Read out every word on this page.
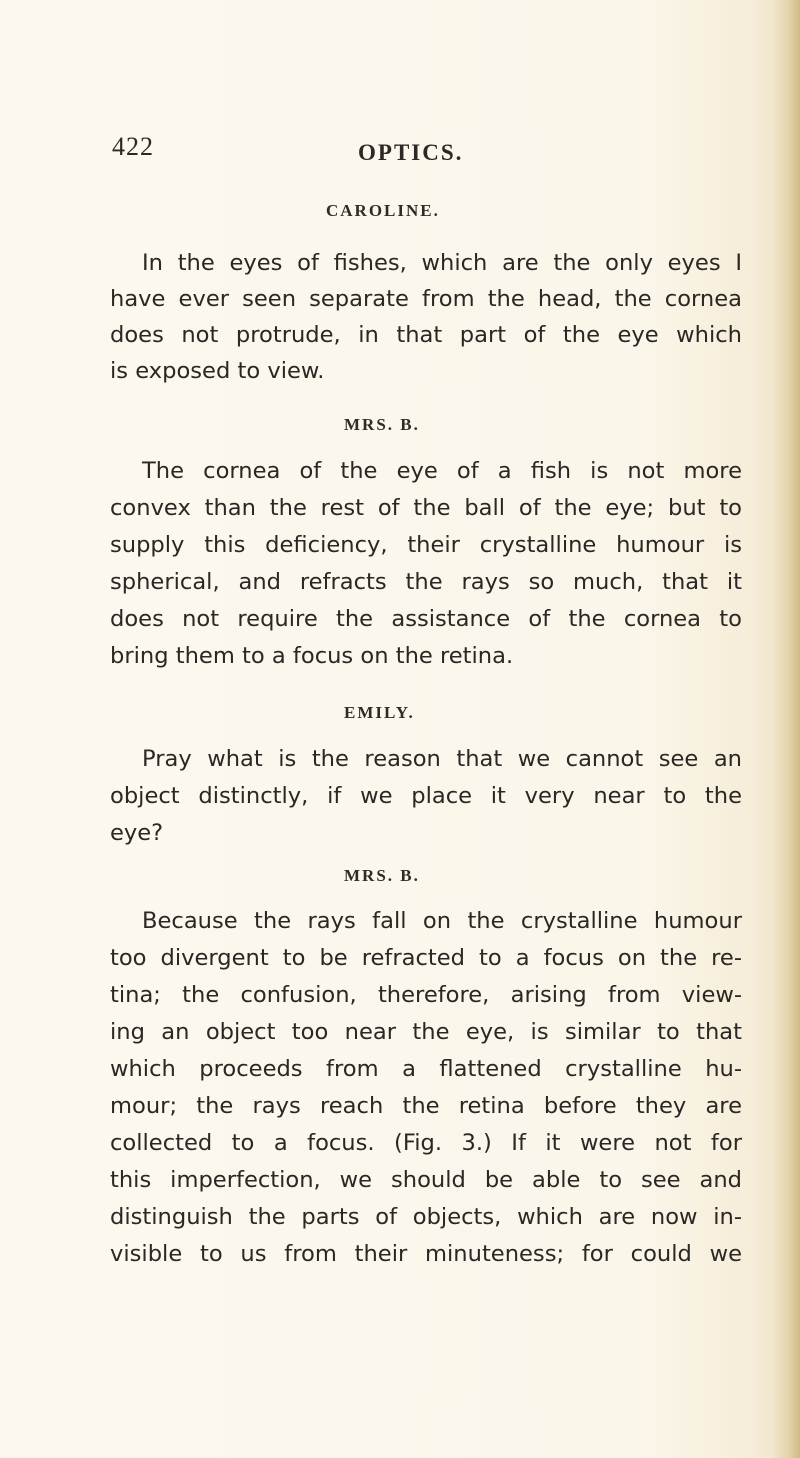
422	OPTICS.
CAROLINE.
In the eyes of fishes, which are the only eyes I
have ever seen separate from the head, the cornea
does not protrude, in that part of the eye which
is exposed to view.
MRS. B.
The cornea of the eye of a fish is not more
convex than the rest of the ball of the eye; but to
supply this deficiency, their crystalline humour is
spherical, and refracts the rays so much, that it
does not require the assistance of the cornea to
bring them to a focus on the retina.
EMILY.
Pray what is the reason that we cannot see an
object distinctly, if we place it very near to the
eye?
MRS. B.
Because the rays fall on the crystalline humour
too divergent to be refracted to a focus on the re-
tina; the confusion, therefore, arising from view-
ing an object too near the eye, is similar to that
which proceeds from a flattened crystalline hu-
mour; the rays reach the retina before they are
collected to a focus. (Fig. 3.) If it were not for
this imperfection, we should be able to see and
distinguish the parts of objects, which are now in-
visible to us from their minuteness; for could we
